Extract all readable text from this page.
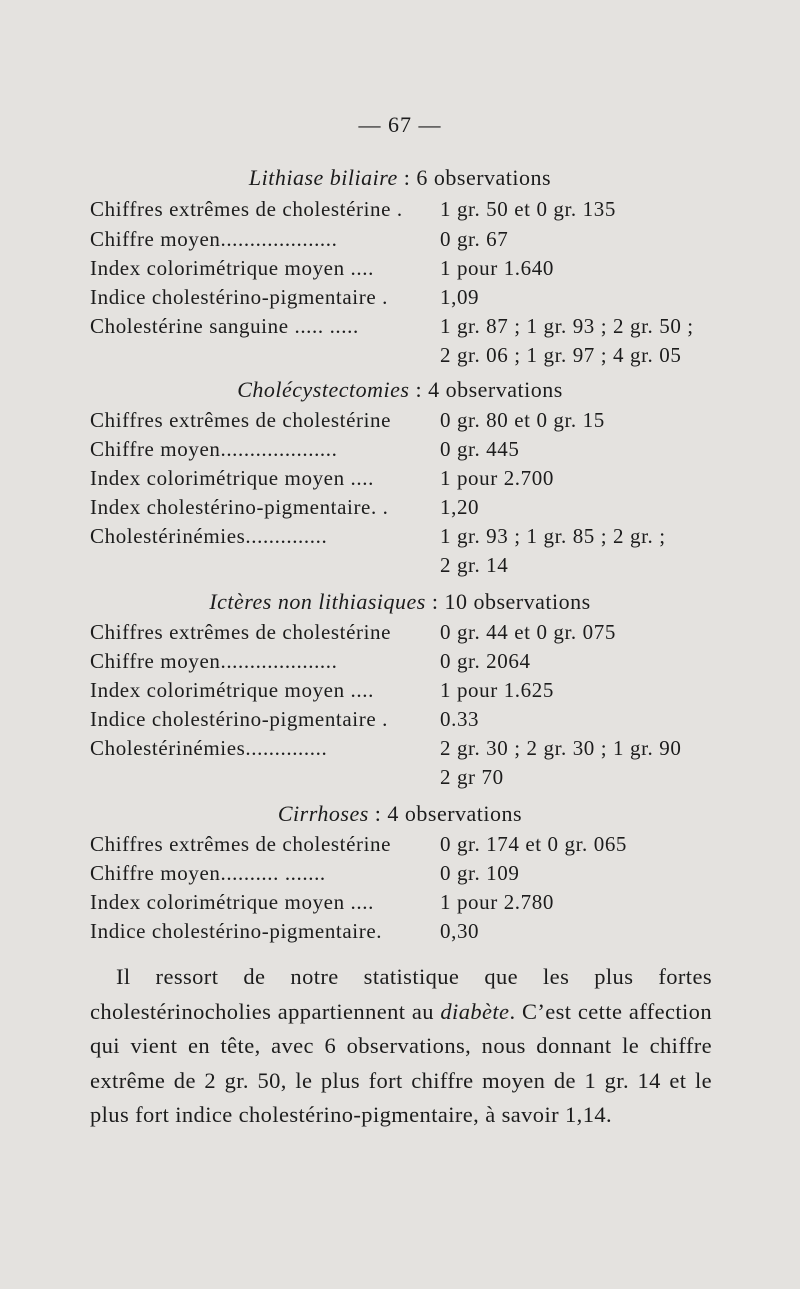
— 67 —
Lithiase biliaire : 6 observations
Chiffres extrêmes de cholestérine . 1 gr. 50 et 0 gr. 135
Chiffre moyen....................	0 gr. 67
Index colorimétrique moyen ....	1 pour 1.640
Indice cholestérino-pigmentaire . 1,09
Cholestérine sanguine ..... .....	1 gr. 87 ; 1 gr. 93 ; 2 gr. 50 ;
2 gr. 06 ; 1 gr. 97 ; 4 gr. 05
Cholécystectomies : 4 observations
Chiffres extrêmes de cholestérine 0 gr. 80 et 0 gr. 15
Chiffre moyen....................	0 gr. 445
Index colorimétrique moyen ....	1 pour 2.700
Index cholestérino-pigmentaire. . 1,20
Cholestérinémies..............	1 gr. 93 ; 1 gr. 85 ; 2 gr. ;
2 gr. 14
Ictères non lithiasiques : 10 observations
Chiffres extrêmes de cholestérine 0 gr. 44 et 0 gr. 075
Chiffre moyen....................	0 gr. 2064
Index colorimétrique moyen ....	1 pour 1.625
Indice cholestérino-pigmentaire . 0.33
Cholestérinémies..............	2 gr. 30 ; 2 gr. 30 ; 1 gr. 90
2 gr 70
Cirrhoses : 4 observations
Chiffres extrêmes de cholestérine 0 gr. 174 et 0 gr. 065
Chiffre moyen.......... .......	0 gr. 109
Index colorimétrique moyen ....	1 pour 2.780
Indice cholestérino-pigmentaire.	0,30

Il ressort de notre statistique que les plus fortes cholestérinocholies appartiennent au diabète. C’est cette affection qui vient en tête, avec 6 observations, nous donnant le chiffre extrême de 2 gr. 50, le plus fort chiffre moyen de 1 gr. 14 et le plus fort indice cholestérino-pigmentaire, à savoir 1,14.
